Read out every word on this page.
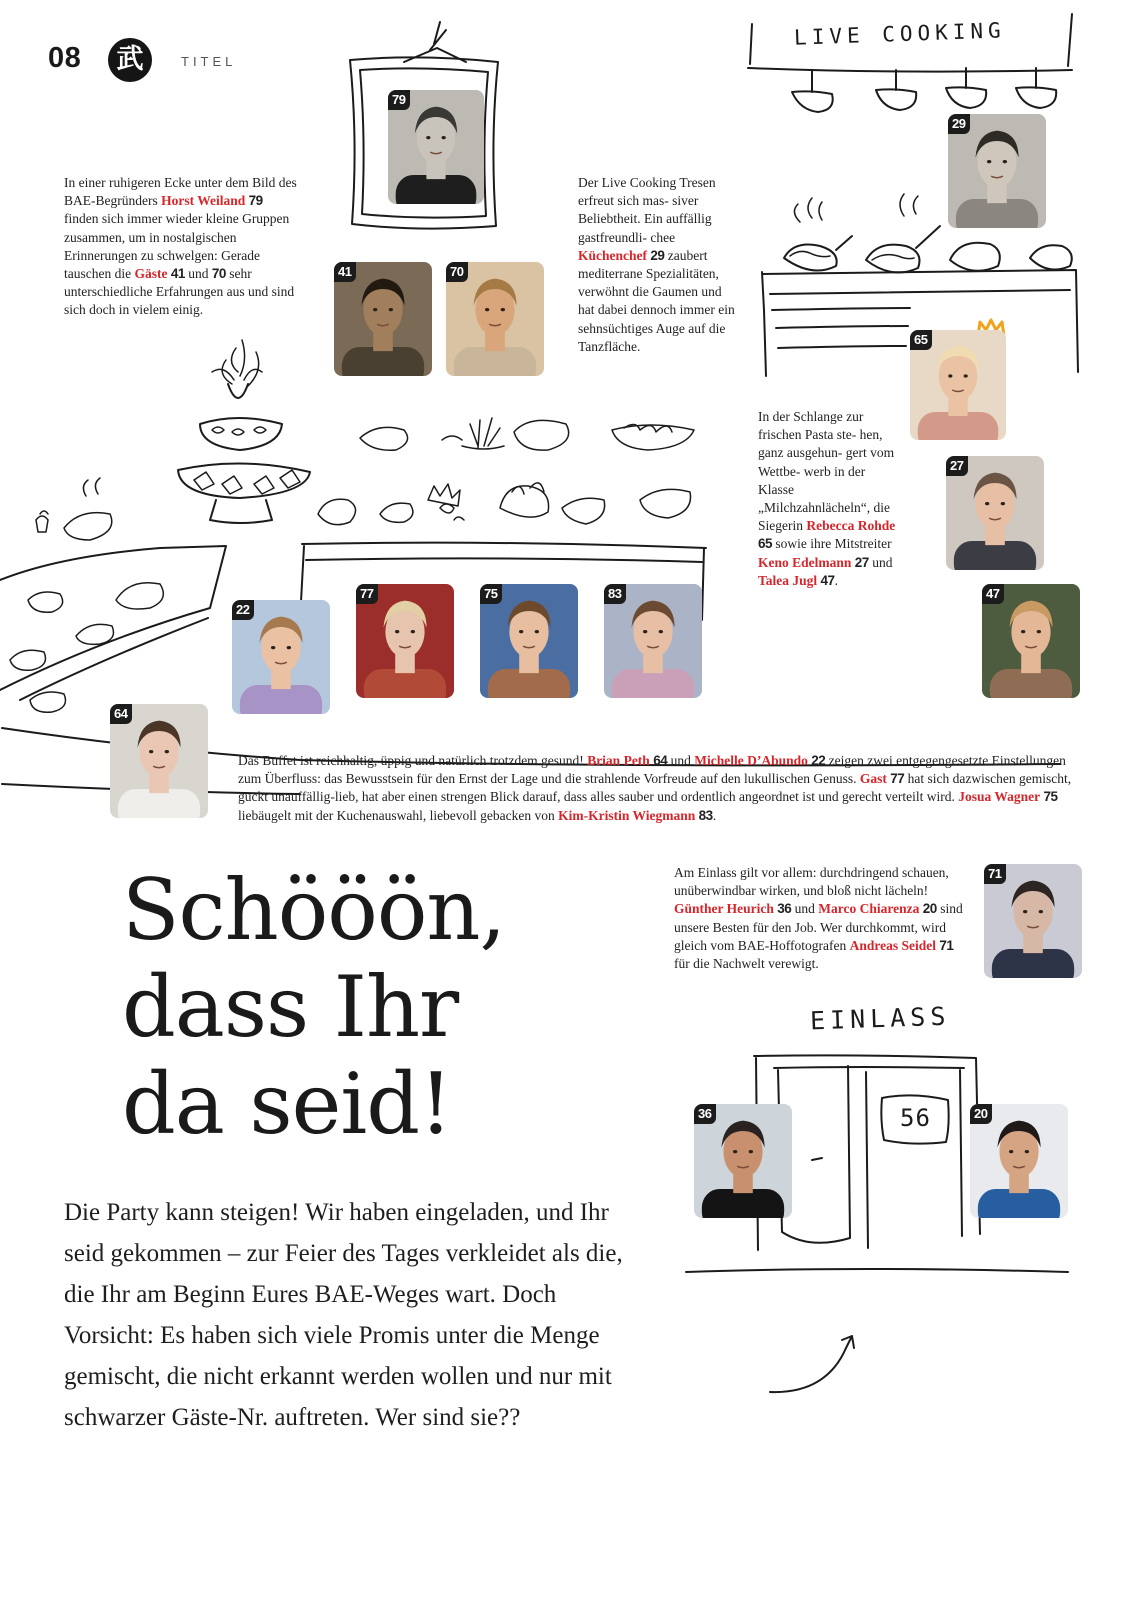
08	武	TITEL
LIVE COOKING
EINLASS
56
In einer ruhigeren Ecke unter dem Bild des BAE-Begründers Horst Weiland 79 finden sich immer wieder kleine Gruppen zusammen, um in nostalgischen Erinnerungen zu schwelgen: Gerade tauschen die Gäste 41 und 70 sehr unterschiedliche Erfahrungen aus und sind sich doch in vielem einig.
Der Live Cooking Tresen erfreut sich mas- siver Beliebtheit. Ein auffällig gastfreundli- chee Küchenchef 29 zaubert mediterrane Spezialitäten, verwöhnt die Gaumen und hat dabei dennoch immer ein sehnsüchtiges Auge auf die Tanzfläche.
In der Schlange zur frischen Pasta ste- hen, ganz ausgehun- gert vom Wettbe- werb in der Klasse „Milchzahnlächeln“, die Siegerin Rebecca Rohde 65 sowie ihre Mitstreiter Keno Edelmann 27 und Talea Jugl 47.
Das Buffet ist reichhaltig, üppig und natürlich trotzdem gesund! Brian Peth 64 und Michelle D’Abundo 22 zeigen zwei entgegengesetzte Einstellungen zum Überfluss: das Bewusstsein für den Ernst der Lage und die strahlende Vorfreude auf den lukullischen Genuss. Gast 77 hat sich dazwischen gemischt, guckt unauffällig-lieb, hat aber einen strengen Blick darauf, dass alles sauber und ordentlich angeordnet ist und gerecht verteilt wird. Josua Wagner 75 liebäugelt mit der Kuchenauswahl, liebevoll gebacken von Kim-Kristin Wiegmann 83.
Am Einlass gilt vor allem: durchdringend schauen, unüberwindbar wirken, und bloß nicht lächeln! Günther Heurich 36 und Marco Chiarenza 20 sind unsere Besten für den Job. Wer durchkommt, wird gleich vom BAE-Hoffotografen Andreas Seidel 71 für die Nachwelt verewigt.
79
41	70
29
65
27
47
22
77	75	83
64
71
36	20
Schööön,
dass Ihr
da seid!
Die Party kann steigen! Wir haben eingeladen, und Ihr seid gekommen – zur Feier des Tages verkleidet als die, die Ihr am Beginn Eures BAE-Weges wart. Doch Vorsicht: Es haben sich viele Promis unter die Menge gemischt, die nicht erkannt werden wollen und nur mit schwarzer Gäste-Nr. auftreten. Wer sind sie??
